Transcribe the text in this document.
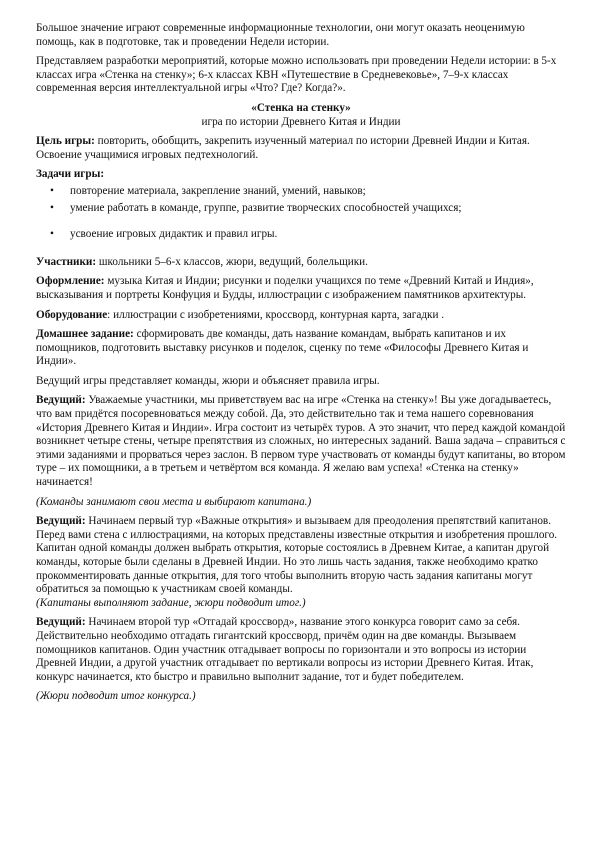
Большое значение играют современные информационные технологии, они могут оказать неоценимую помощь, как в подготовке, так и проведении Недели истории.

Представляем разработки мероприятий, которые можно использовать при проведении Недели истории: в 5-х классах игра «Стенка на стенку»; 6-х классах КВН «Путешествие в Средневековье», 7–9-х классах современная версия интеллектуальной игры «Что? Где? Когда?».

«Стенка на стенку»

игра по истории Древнего Китая и Индии

Цель игры: повторить, обобщить, закрепить изученный материал по истории Древней Индии и Китая. Освоение учащимися игровых педтехнологий.

Задачи игры:

• повторение материала, закрепление знаний, умений, навыков;
• умение работать в команде, группе, развитие творческих способностей учащихся;
• усвоение игровых дидактик и правил игры.

Участники: школьники 5–6-х классов, жюри, ведущий, болельщики.

Оформление: музыка Китая и Индии; рисунки и поделки учащихся по теме «Древний Китай и Индия», высказывания и портреты Конфуция и Будды, иллюстрации с изображением памятников архитектуры.

Оборудование: иллюстрации с изобретениями, кроссворд, контурная карта, загадки .

Домашнее задание: сформировать две команды, дать название командам, выбрать капитанов и их помощников, подготовить выставку рисунков и поделок, сценку по теме «Философы Древнего Китая и Индии».

Ведущий игры представляет команды, жюри и объясняет правила игры.

Ведущий: Уважаемые участники, мы приветствуем вас на игре «Стенка на стенку»! Вы уже догадываетесь, что вам придётся посоревноваться между собой. Да, это действительно так и тема нашего соревнования «История Древнего Китая и Индии». Игра состоит из четырёх туров. А это значит, что перед каждой командой возникнет четыре стены, четыре препятствия из сложных, но интересных заданий. Ваша задача – справиться с этими заданиями и прорваться через заслон. В первом туре участвовать от команды будут капитаны, во втором туре – их помощники, а в третьем и четвёртом вся команда. Я желаю вам успеха! «Стенка на стенку» начинается!

(Команды занимают свои места и выбирают капитана.)

Ведущий: Начинаем первый тур «Важные открытия» и вызываем для преодоления препятствий капитанов. Перед вами стена с иллюстрациями, на которых представлены известные открытия и изобретения прошлого. Капитан одной команды должен выбрать открытия, которые состоялись в Древнем Китае, а капитан другой команды, которые были сделаны в Древней Индии. Но это лишь часть задания, также необходимо кратко прокомментировать данные открытия, для того чтобы выполнить вторую часть задания капитаны могут обратиться за помощью к участникам своей команды.

(Капитаны выполняют задание, жюри подводит итог.)

Ведущий: Начинаем второй тур «Отгадай кроссворд», название этого конкурса говорит само за себя. Действительно необходимо отгадать гигантский кроссворд, причём один на две команды. Вызываем помощников капитанов. Один участник отгадывает вопросы по горизонтали и это вопросы из истории Древней Индии, а другой участник отгадывает по вертикали вопросы из истории Древнего Китая. Итак, конкурс начинается, кто быстро и правильно выполнит задание, тот и будет победителем.

(Жюри подводит итог конкурса.)
